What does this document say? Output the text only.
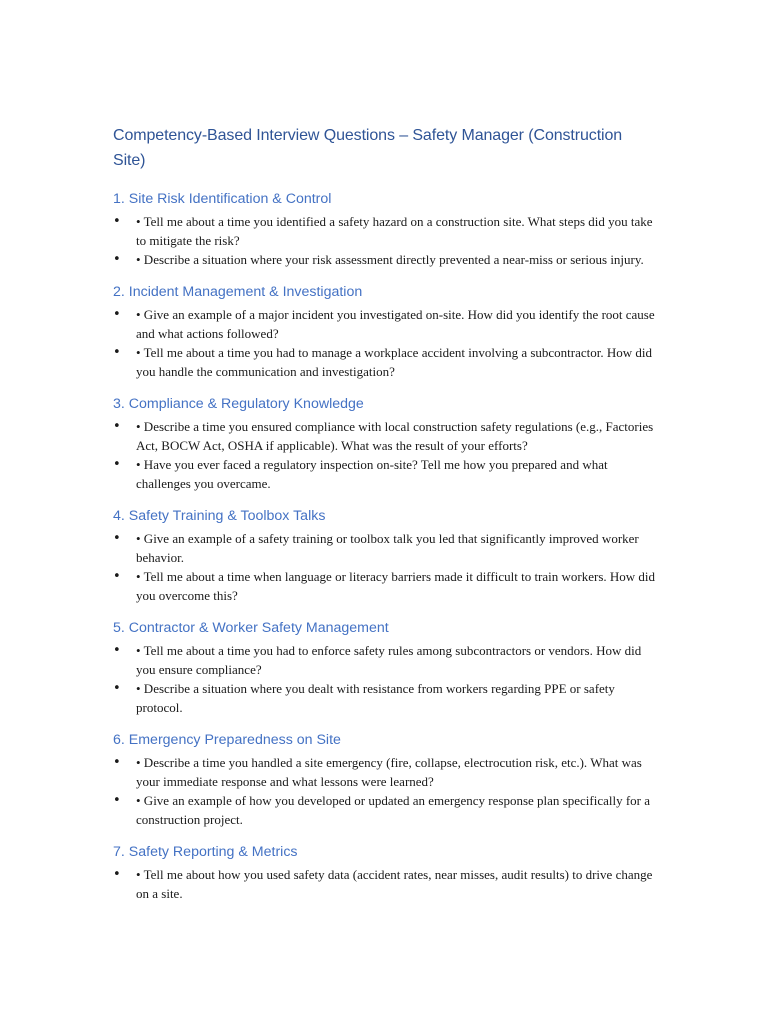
Competency-Based Interview Questions – Safety Manager (Construction Site)
1. Site Risk Identification & Control
• • Tell me about a time you identified a safety hazard on a construction site. What steps did you take to mitigate the risk?
• • Describe a situation where your risk assessment directly prevented a near-miss or serious injury.
2. Incident Management & Investigation
• • Give an example of a major incident you investigated on-site. How did you identify the root cause and what actions followed?
• • Tell me about a time you had to manage a workplace accident involving a subcontractor. How did you handle the communication and investigation?
3. Compliance & Regulatory Knowledge
• • Describe a time you ensured compliance with local construction safety regulations (e.g., Factories Act, BOCW Act, OSHA if applicable). What was the result of your efforts?
• • Have you ever faced a regulatory inspection on-site? Tell me how you prepared and what challenges you overcame.
4. Safety Training & Toolbox Talks
• • Give an example of a safety training or toolbox talk you led that significantly improved worker behavior.
• • Tell me about a time when language or literacy barriers made it difficult to train workers. How did you overcome this?
5. Contractor & Worker Safety Management
• • Tell me about a time you had to enforce safety rules among subcontractors or vendors. How did you ensure compliance?
• • Describe a situation where you dealt with resistance from workers regarding PPE or safety protocol.
6. Emergency Preparedness on Site
• • Describe a time you handled a site emergency (fire, collapse, electrocution risk, etc.). What was your immediate response and what lessons were learned?
• • Give an example of how you developed or updated an emergency response plan specifically for a construction project.
7. Safety Reporting & Metrics
• • Tell me about how you used safety data (accident rates, near misses, audit results) to drive change on a site.
